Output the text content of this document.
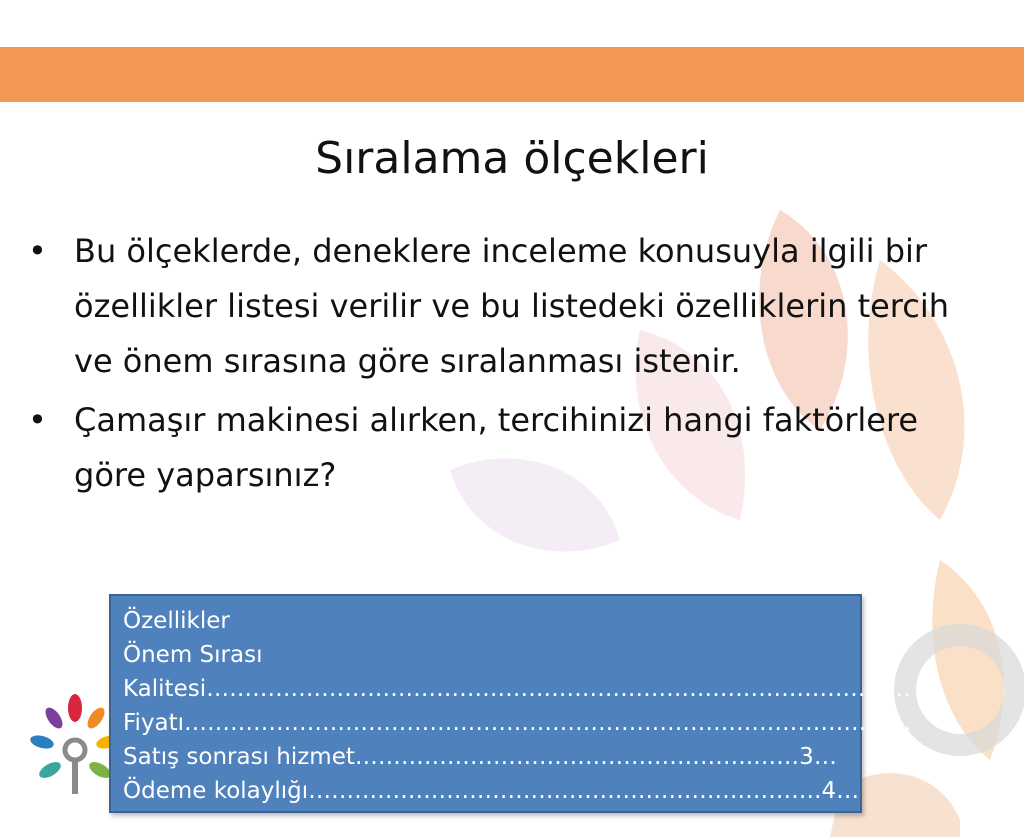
17	Doç. Dr. Alper AYTEKİN
Sıralama ölçekleri
• Bu ölçeklerde, deneklere inceleme konusuyla ilgili bir özellikler listesi verilir ve bu listedeki özelliklerin tercih ve önem sırasına göre sıralanması istenir.
• Çamaşır makinesi alırken, tercihinizi hangi faktörlere göre yaparsınız?
Özellikler
Önem Sırası
Kalitesi……………………………………………………………………………2…
Fiyatı………………………………………………………………………………1…
Satış sonrası hizmet…………………………………………….……3…
Ödeme kolaylığı………………………………………………………….4…
